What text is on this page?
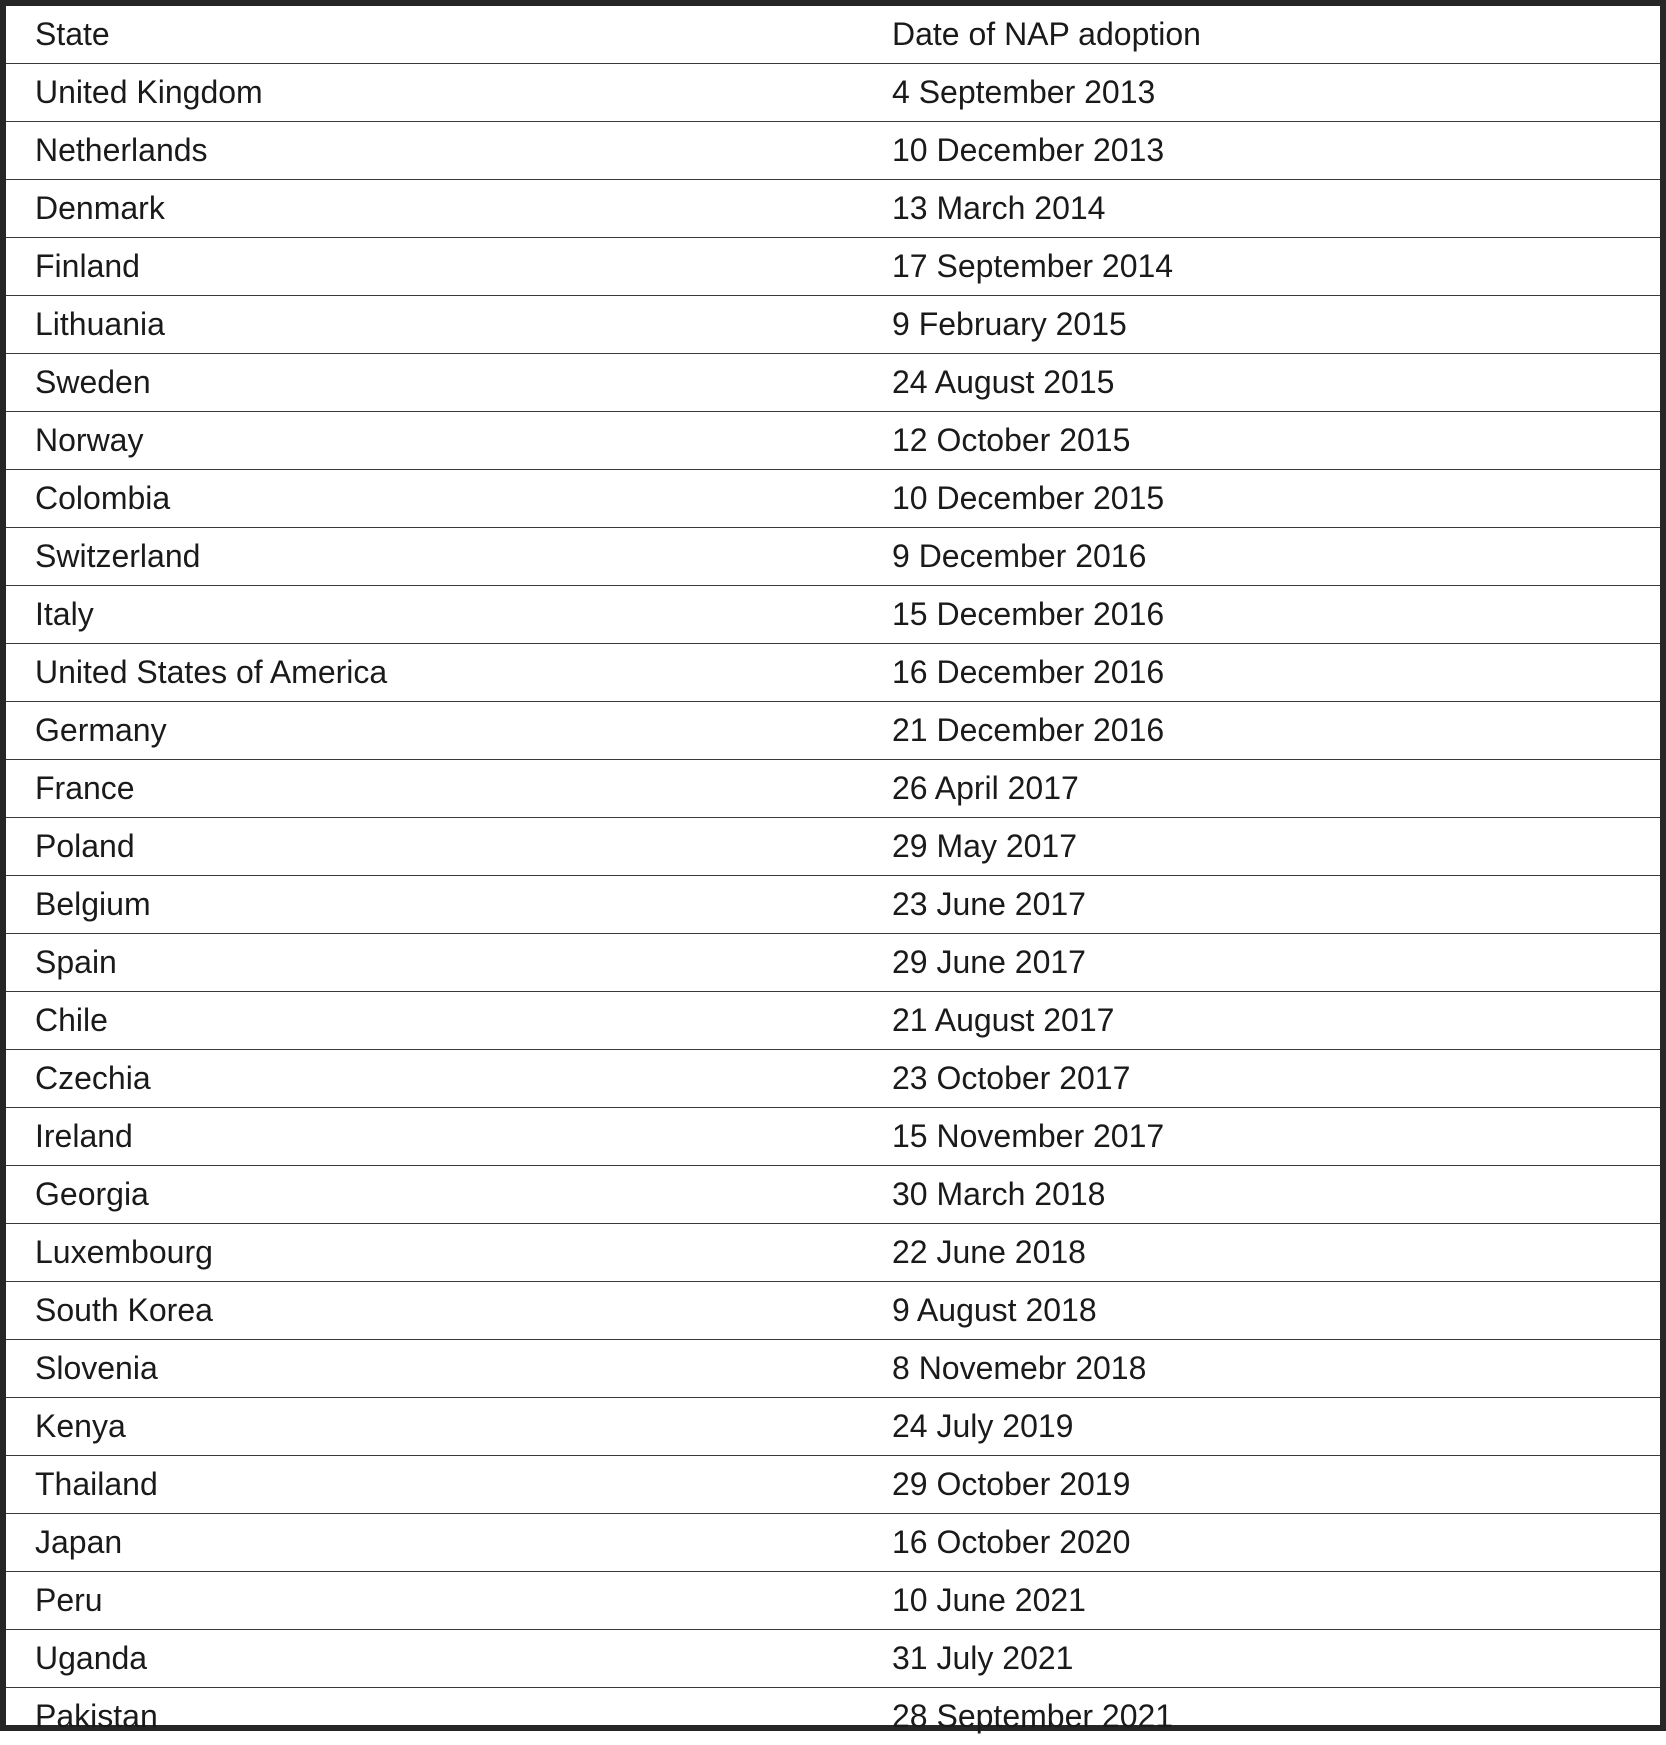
State	Date of NAP adoption
United Kingdom	4 September 2013
Netherlands	10 December 2013
Denmark	13 March 2014
Finland	17 September 2014
Lithuania	9 February 2015
Sweden	24 August 2015
Norway	12 October 2015
Colombia	10 December 2015
Switzerland	9 December 2016
Italy	15 December 2016
United States of America	16 December 2016
Germany	21 December 2016
France	26 April 2017
Poland	29 May 2017
Belgium	23 June 2017
Spain	29 June 2017
Chile	21 August 2017
Czechia	23 October 2017
Ireland	15 November 2017
Georgia	30 March 2018
Luxembourg	22 June 2018
South Korea	9 August 2018
Slovenia	8 Novemebr 2018
Kenya	24 July 2019
Thailand	29 October 2019
Japan	16 October 2020
Peru	10 June 2021
Uganda	31 July 2021
Pakistan	28 September 2021
